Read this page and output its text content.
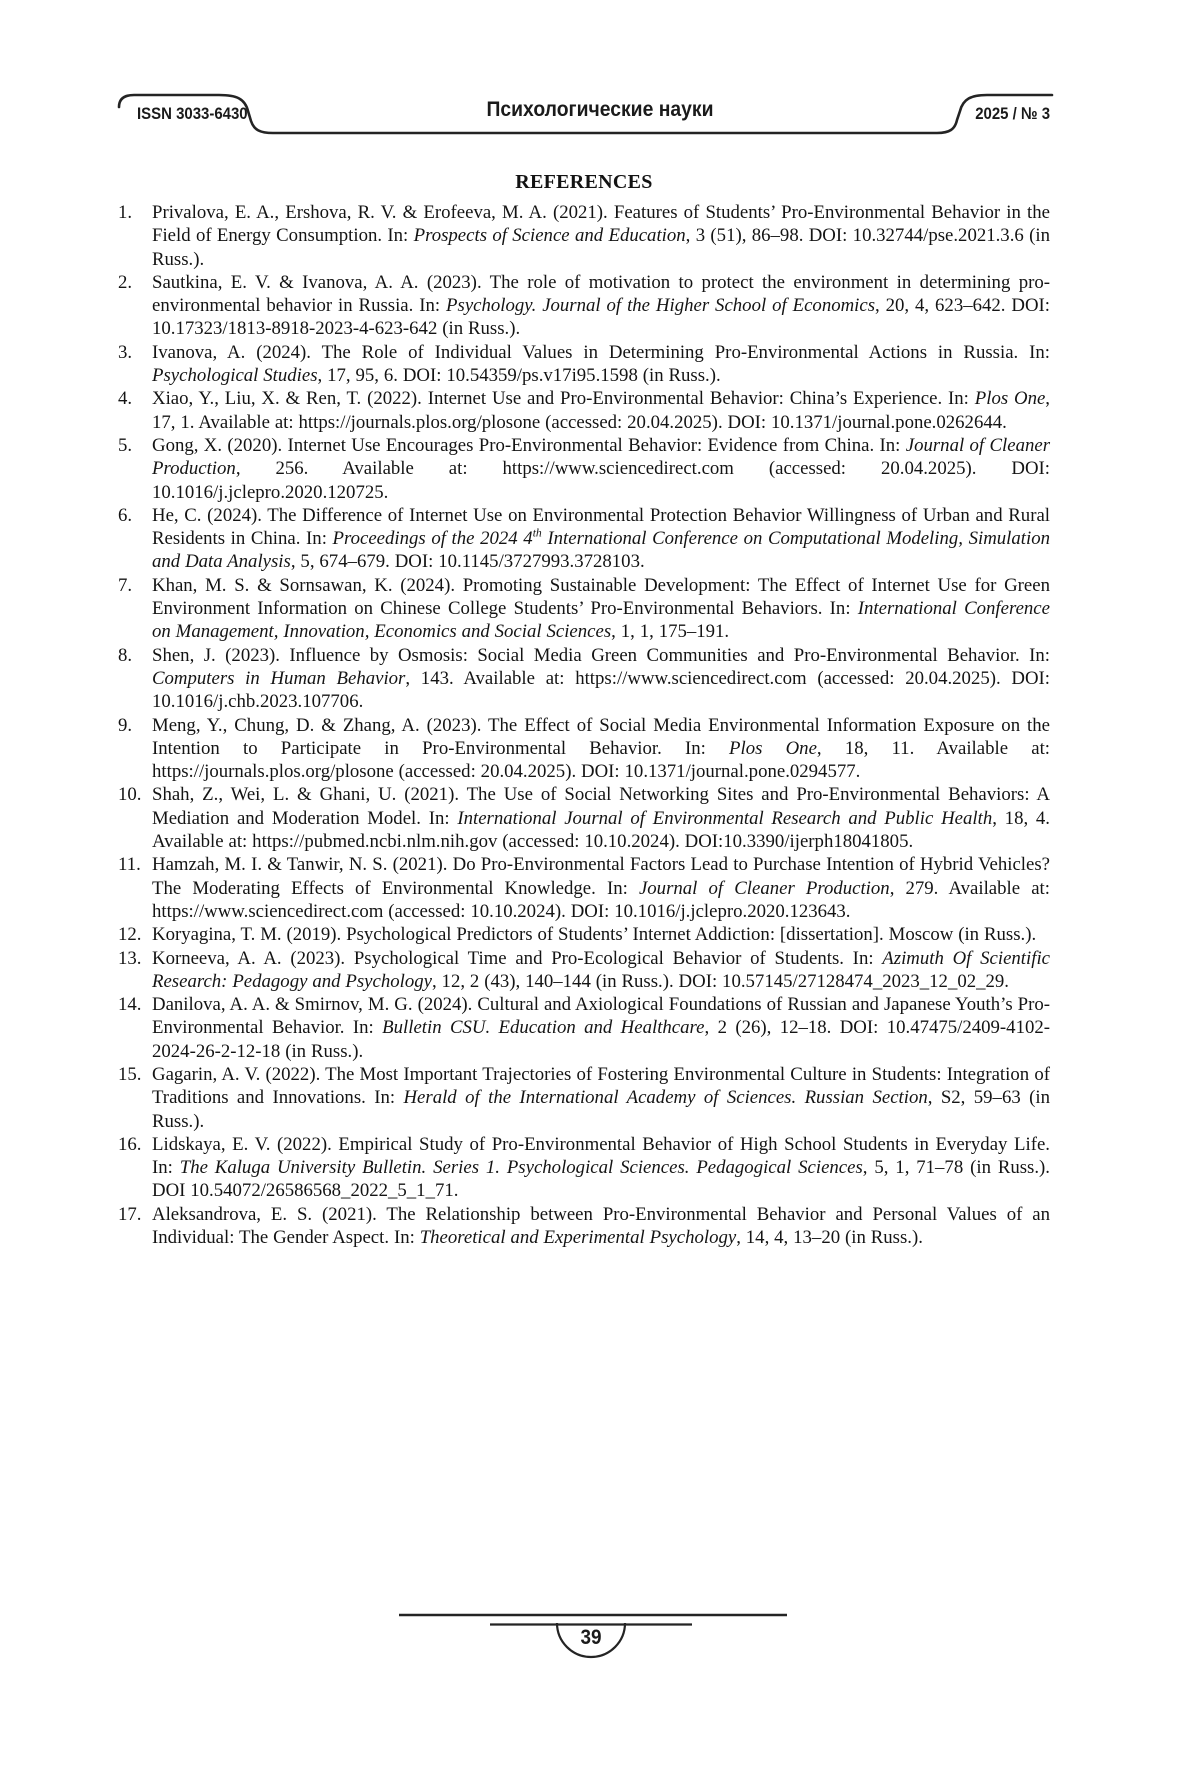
ISSN 3033-6430	Психологические науки	2025 / № 3
REFERENCES
1.	Privalova, E. A., Ershova, R. V. & Erofeeva, M. A. (2021). Features of Students’ Pro-Environmental Behavior in the Field of Energy Consumption. In: Prospects of Science and Education, 3 (51), 86–98. DOI: 10.32744/pse.2021.3.6 (in Russ.).
2.	Sautkina, E. V. & Ivanova, A. A. (2023). The role of motivation to protect the environment in determining pro-environmental behavior in Russia. In: Psychology. Journal of the Higher School of Economics, 20, 4, 623–642. DOI: 10.17323/1813-8918-2023-4-623-642 (in Russ.).
3.	Ivanova, A. (2024). The Role of Individual Values in Determining Pro-Environmental Actions in Russia. In: Psychological Studies, 17, 95, 6. DOI: 10.54359/ps.v17i95.1598 (in Russ.).
4.	Xiao, Y., Liu, X. & Ren, T. (2022). Internet Use and Pro-Environmental Behavior: China’s Experience. In: Plos One, 17, 1. Available at: https://journals.plos.org/plosone (accessed: 20.04.2025). DOI: 10.1371/journal.pone.0262644.
5.	Gong, X. (2020). Internet Use Encourages Pro-Environmental Behavior: Evidence from China. In: Journal of Cleaner Production, 256. Available at: https://www.sciencedirect.com (accessed: 20.04.2025). DOI: 10.1016/j.jclepro.2020.120725.
6.	He, C. (2024). The Difference of Internet Use on Environmental Protection Behavior Willingness of Urban and Rural Residents in China. In: Proceedings of the 2024 4th International Conference on Computational Modeling, Simulation and Data Analysis, 5, 674–679. DOI: 10.1145/3727993.3728103.
7.	Khan, M. S. & Sornsawan, K. (2024). Promoting Sustainable Development: The Effect of Internet Use for Green Environment Information on Chinese College Students’ Pro-Environmental Behaviors. In: International Conference on Management, Innovation, Economics and Social Sciences, 1, 1, 175–191.
8.	Shen, J. (2023). Influence by Osmosis: Social Media Green Communities and Pro-Environmental Behavior. In: Computers in Human Behavior, 143. Available at: https://www.sciencedirect.com (accessed: 20.04.2025). DOI: 10.1016/j.chb.2023.107706.
9.	Meng, Y., Chung, D. & Zhang, A. (2023). The Effect of Social Media Environmental Information Exposure on the Intention to Participate in Pro-Environmental Behavior. In: Plos One, 18, 11. Available at: https://journals.plos.org/plosone (accessed: 20.04.2025). DOI: 10.1371/journal.pone.0294577.
10. Shah, Z., Wei, L. & Ghani, U. (2021). The Use of Social Networking Sites and Pro-Environmental Behaviors: A Mediation and Moderation Model. In: International Journal of Environmental Research and Public Health, 18, 4. Available at: https://pubmed.ncbi.nlm.nih.gov (accessed: 10.10.2024). DOI:10.3390/ijerph18041805.
11. Hamzah, M. I. & Tanwir, N. S. (2021). Do Pro-Environmental Factors Lead to Purchase Intention of Hybrid Vehicles? The Moderating Effects of Environmental Knowledge. In: Journal of Cleaner Production, 279. Available at: https://www.sciencedirect.com (accessed: 10.10.2024). DOI: 10.1016/j.jclepro.2020.123643.
12. Koryagina, T. M. (2019). Psychological Predictors of Students’ Internet Addiction: [dissertation]. Moscow (in Russ.).
13. Korneeva, A. A. (2023). Psychological Time and Pro-Ecological Behavior of Students. In: Azimuth Of Scientific Research: Pedagogy and Psychology, 12, 2 (43), 140–144 (in Russ.). DOI: 10.57145/27128474_2023_12_02_29.
14. Danilova, A. A. & Smirnov, M. G. (2024). Cultural and Axiological Foundations of Russian and Japanese Youth’s Pro-Environmental Behavior. In: Bulletin CSU. Education and Healthcare, 2 (26), 12–18. DOI: 10.47475/2409-4102-2024-26-2-12-18 (in Russ.).
15. Gagarin, A. V. (2022). The Most Important Trajectories of Fostering Environmental Culture in Students: Integration of Traditions and Innovations. In: Herald of the International Academy of Sciences. Russian Section, S2, 59–63 (in Russ.).
16. Lidskaya, E. V. (2022). Empirical Study of Pro-Environmental Behavior of High School Students in Everyday Life. In: The Kaluga University Bulletin. Series 1. Psychological Sciences. Pedagogical Sciences, 5, 1, 71–78 (in Russ.). DOI 10.54072/26586568_2022_5_1_71.
17. Aleksandrova, E. S. (2021). The Relationship between Pro-Environmental Behavior and Personal Values of an Individual: The Gender Aspect. In: Theoretical and Experimental Psychology, 14, 4, 13–20 (in Russ.).
39
